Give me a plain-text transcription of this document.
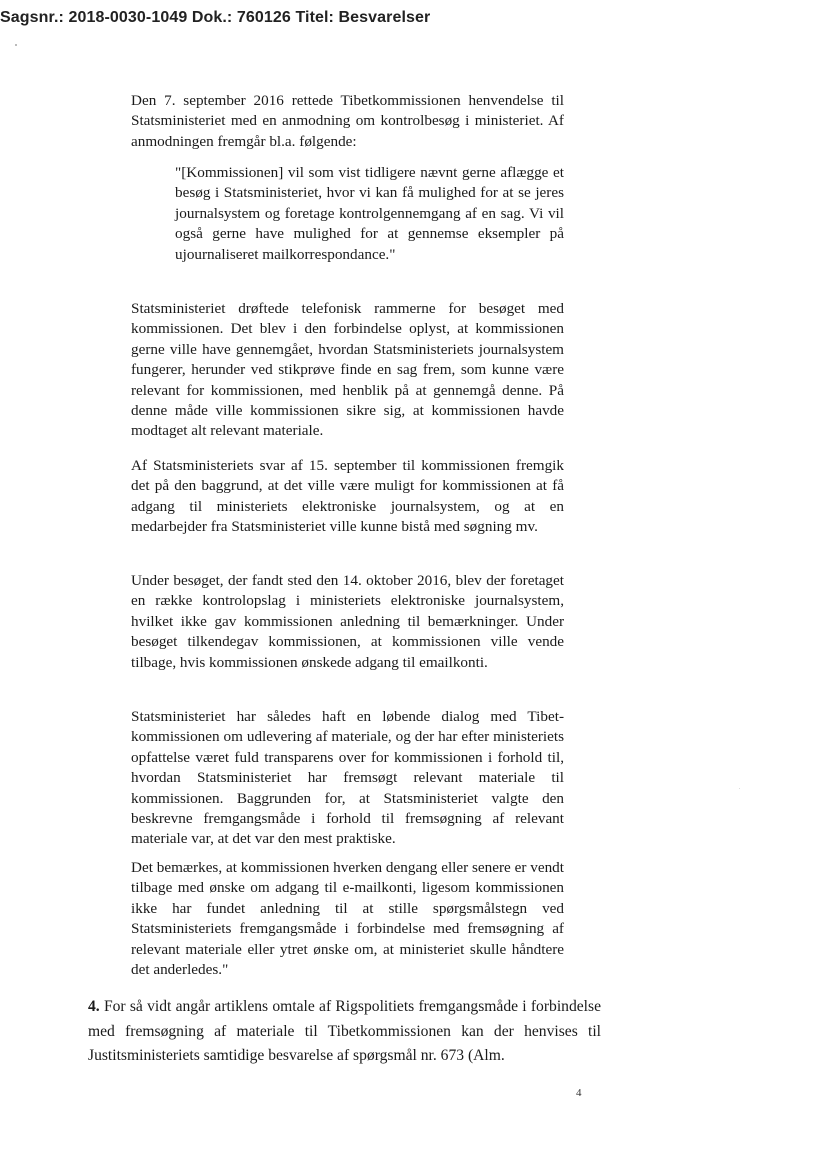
Sagsnr.: 2018-0030-1049 Dok.: 760126 Titel: Besvarelser
Den 7. september 2016 rettede Tibetkommissionen henvendelse til Statsministeriet med en anmodning om kontrolbesøg i ministeriet. Af anmodningen fremgår bl.a. følgende:
"[Kommissionen] vil som vist tidligere nævnt gerne aflægge et besøg i Statsministeriet, hvor vi kan få mulighed for at se jeres journalsystem og foretage kontrolgennemgang af en sag. Vi vil også gerne have mulighed for at gennemse eksempler på ujournaliseret mailkorrespondance."
Statsministeriet drøftede telefonisk rammerne for besøget med kommissionen. Det blev i den forbindelse oplyst, at kommissionen gerne ville have gennemgået, hvordan Statsministeriets journalsystem fungerer, herunder ved stikprøve finde en sag frem, som kunne være relevant for kommissionen, med henblik på at gennemgå denne. På denne måde ville kommissionen sikre sig, at kommissionen havde modtaget alt relevant materiale.
Af Statsministeriets svar af 15. september til kommissionen fremgik det på den baggrund, at det ville være muligt for kommissionen at få adgang til ministeriets elektroniske journalsystem, og at en medarbejder fra Statsministeriet ville kunne bistå med søgning mv.
Under besøget, der fandt sted den 14. oktober 2016, blev der foretaget en række kontrolopslag i ministeriets elektroniske journalsystem, hvilket ikke gav kommissionen anledning til bemærkninger. Under besøget tilkendegav kommissionen, at kommissionen ville vende tilbage, hvis kommissionen ønskede adgang til emailkonti.
Statsministeriet har således haft en løbende dialog med Tibetkommissionen om udlevering af materiale, og der har efter ministeriets opfattelse været fuld transparens over for kommissionen i forhold til, hvordan Statsministeriet har fremsøgt relevant materiale til kommissionen. Baggrunden for, at Statsministeriet valgte den beskrevne fremgangsmåde i forhold til fremsøgning af relevant materiale var, at det var den mest praktiske.
Det bemærkes, at kommissionen hverken dengang eller senere er vendt tilbage med ønske om adgang til e-mailkonti, ligesom kommissionen ikke har fundet anledning til at stille spørgsmålstegn ved Statsministeriets fremgangsmåde i forbindelse med fremsøgning af relevant materiale eller ytret ønske om, at ministeriet skulle håndtere det anderledes."
4. For så vidt angår artiklens omtale af Rigspolitiets fremgangsmåde i forbindelse med fremsøgning af materiale til Tibetkommissionen kan der henvises til Justitsministeriets samtidige besvarelse af spørgsmål nr. 673 (Alm.
4
